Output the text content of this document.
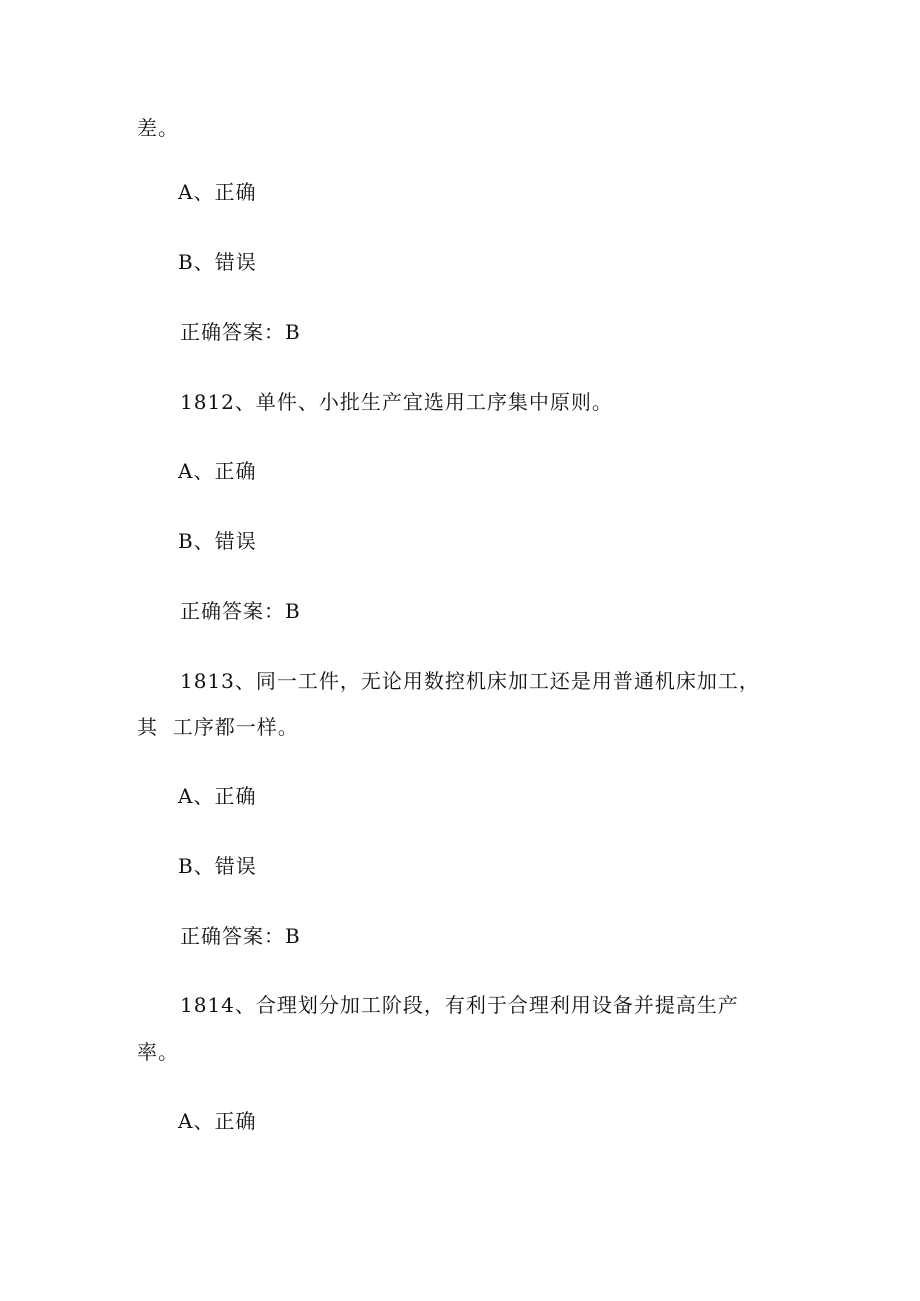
差。
A、正确
B、错误
正确答案：B
1812、单件、小批生产宜选用工序集中原则。
A、正确
B、错误
正确答案：B
1813、同一工件，无论用数控机床加工还是用普通机床加工，
其  工序都一样。
A、正确
B、错误
正确答案：B
1814、合理划分加工阶段，有利于合理利用设备并提高生产
率。
A、正确
